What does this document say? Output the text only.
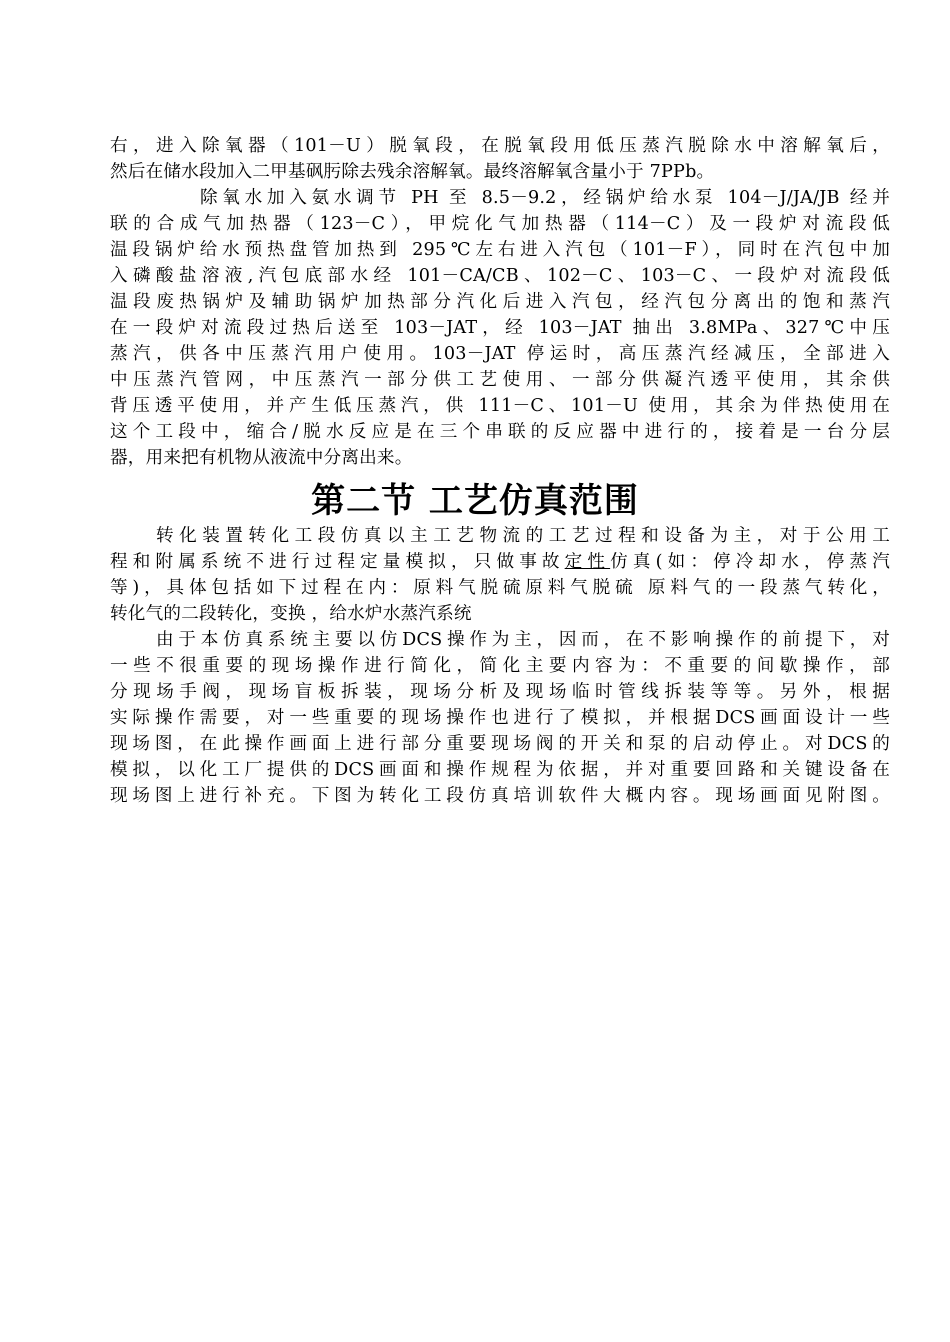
右，进入除氧器（101－U）脱氧段，在脱氧段用低压蒸汽脱除水中溶解氧后，
然后在储水段加入二甲基砜肟除去残余溶解氧。最终溶解氧含量小于 7PPb。
除氧水加入氨水调节 PH 至 8.5－9.2，经锅炉给水泵 104－J/JA/JB 经并
联的合成气加热器（123－C），甲烷化气加热器（114－C）及一段炉对流段低
温段锅炉给水预热盘管加热到 295℃左右进入汽包（101－F），同时在汽包中加
入磷酸盐溶液,汽包底部水经 101－CA/CB、102－C、103－C、一段炉对流段低
温段废热锅炉及辅助锅炉加热部分汽化后进入汽包，经汽包分离出的饱和蒸汽
在一段炉对流段过热后送至 103－JAT，经 103－JAT 抽出 3.8MPa、327℃中压
蒸汽，供各中压蒸汽用户使用。103－JAT 停运时，高压蒸汽经减压，全部进入
中压蒸汽管网，中压蒸汽一部分供工艺使用、一部分供凝汽透平使用，其余供
背压透平使用，并产生低压蒸汽，供 111－C、101－U 使用，其余为伴热使用在
这个工段中，缩合/脱水反应是在三个串联的反应器中进行的，接着是一台分层
器，用来把有机物从液流中分离出来。
第二节 工艺仿真范围
转化装置转化工段仿真以主工艺物流的工艺过程和设备为主，对于公用工
程和附属系统不进行过程定量模拟，只做事故定性仿真(如：停冷却水，停蒸汽
等)，具体包括如下过程在内：原料气脱硫原料气脱硫 原料气的一段蒸气转化，
转化气的二段转化，变换 ，给水炉水蒸汽系统
由于本仿真系统主要以仿DCS操作为主，因而，在不影响操作的前提下，对
一些不很重要的现场操作进行简化，简化主要内容为：不重要的间歇操作，部
分现场手阀，现场盲板拆装，现场分析及现场临时管线拆装等等。另外，根据
实际操作需要，对一些重要的现场操作也进行了模拟，并根据DCS画面设计一些
现场图，在此操作画面上进行部分重要现场阀的开关和泵的启动停止。对DCS的
模拟，以化工厂提供的DCS画面和操作规程为依据，并对重要回路和关键设备在
现场图上进行补充。下图为转化工段仿真培训软件大概内容。现场画面见附图。
